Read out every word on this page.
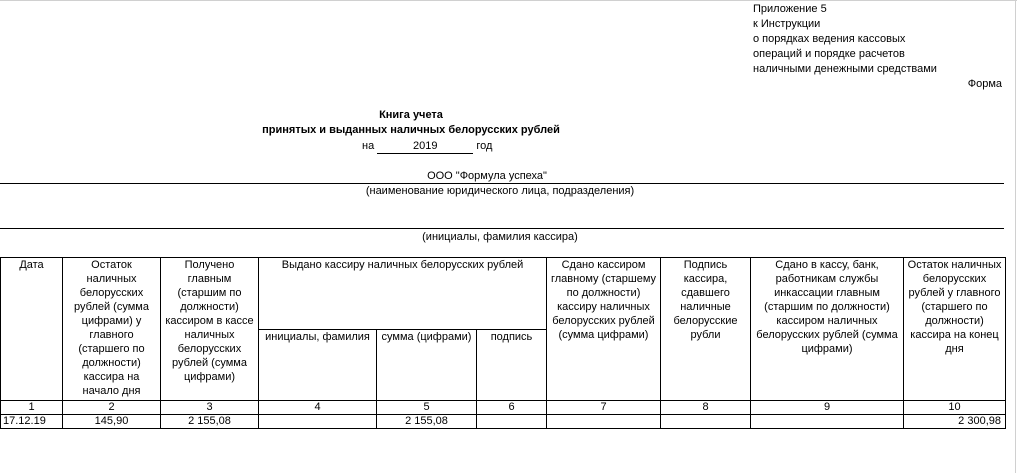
Приложение 5
к Инструкции
о порядках ведения кассовых
операций и порядке расчетов
наличными денежными средствами
Форма
Книга учета
принятых и выданных наличных белорусских рублей
на	2019	год
ООО "Формула успеха"
(наименование юридического лица, подразделения)
(инициалы, фамилия кассира)
Дата	Остаток наличных белорусских рублей (сумма цифрами) у главного (старшего по должности) кассира на начало дня	Получено главным (старшим по должности) кассиром в кассе наличных белорусских рублей (сумма цифрами)	Выдано кассиру наличных белорусских рублей			Сдано кассиром главному (старшему по должности) кассиру наличных белорусских рублей (сумма цифрами)	Подпись кассира, сдавшего наличные белорусские рубли	Сдано в кассу, банк, работникам службы инкассации главным (старшим по должности) кассиром наличных белорусских рублей (сумма цифрами)	Остаток наличных белорусских рублей у главного (старшего по должности) кассира на конец дня
			инициалы, фамилия	сумма (цифрами)	подпись				
1	2	3	4	5	6	7	8	9	10
17.12.19	145,90	2 155,08		2 155,08					2 300,98
